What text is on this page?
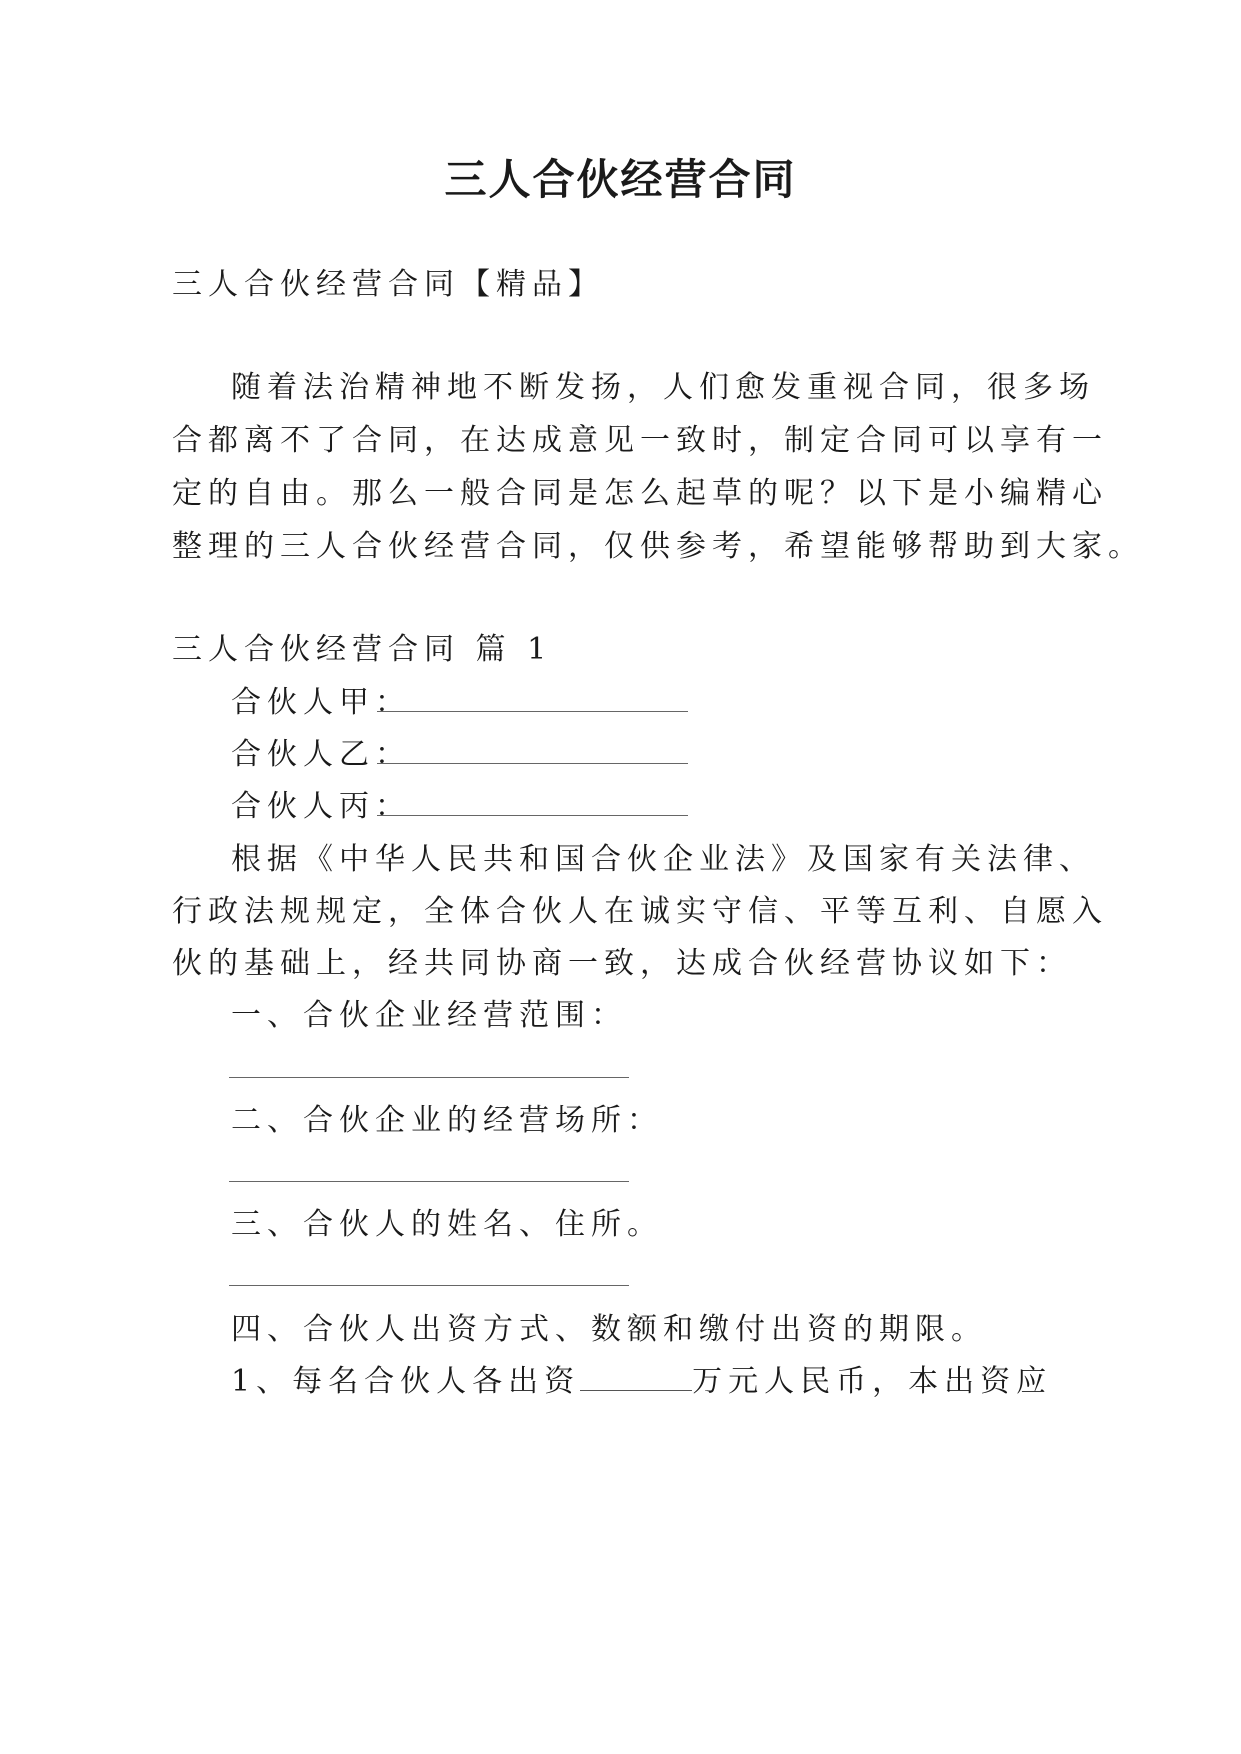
三人合伙经营合同

三人合伙经营合同【精品】

随着法治精神地不断发扬，人们愈发重视合同，很多场

合都离不了合同，在达成意见一致时，制定合同可以享有一

定的自由。那么一般合同是怎么起草的呢？以下是小编精心

整理的三人合伙经营合同，仅供参考，希望能够帮助到大家。

三人合伙经营合同 篇 1

合伙人甲：

合伙人乙：

合伙人丙：

根据《中华人民共和国合伙企业法》及国家有关法律、

行政法规规定，全体合伙人在诚实守信、平等互利、自愿入

伙的基础上，经共同协商一致，达成合伙经营协议如下：

一、合伙企业经营范围：

二、合伙企业的经营场所：

三、合伙人的姓名、住所。

四、合伙人出资方式、数额和缴付出资的期限。

1、每名合伙人各出资	万元人民币，本出资应
